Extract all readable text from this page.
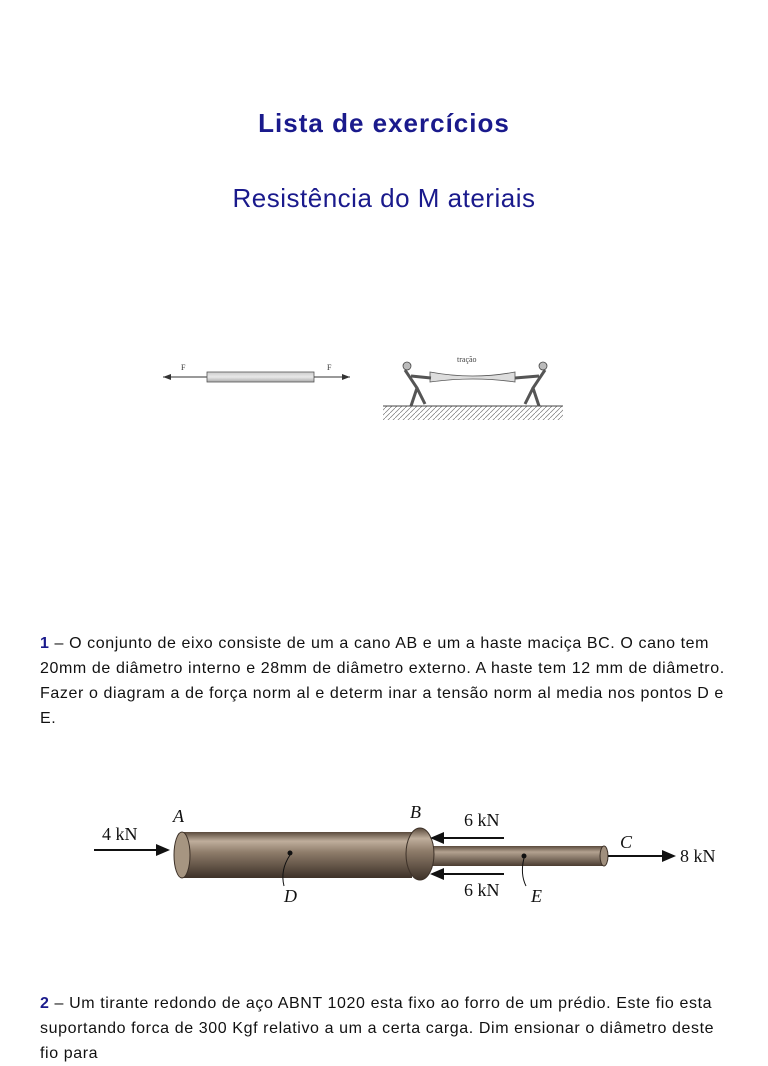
Lista de exercícios
Resistência do M ateriais
F	F
tração
1 – O conjunto de eixo consiste de um a cano AB e um a haste maciça BC. O cano tem 20mm de diâmetro interno e 28mm de diâmetro externo. A haste tem 12 mm de diâmetro. Fazer o diagram a de força norm al e determ inar a tensão norm al media nos pontos D e E.
4 kN
A	B 6 kN
6 kN
C
8 kN
D	E
2 – Um tirante redondo de aço ABNT 1020 esta fixo ao forro de um prédio. Este fio esta suportando forca de 300 Kgf relativo a um a certa carga. Dim ensionar o diâmetro deste fio para
